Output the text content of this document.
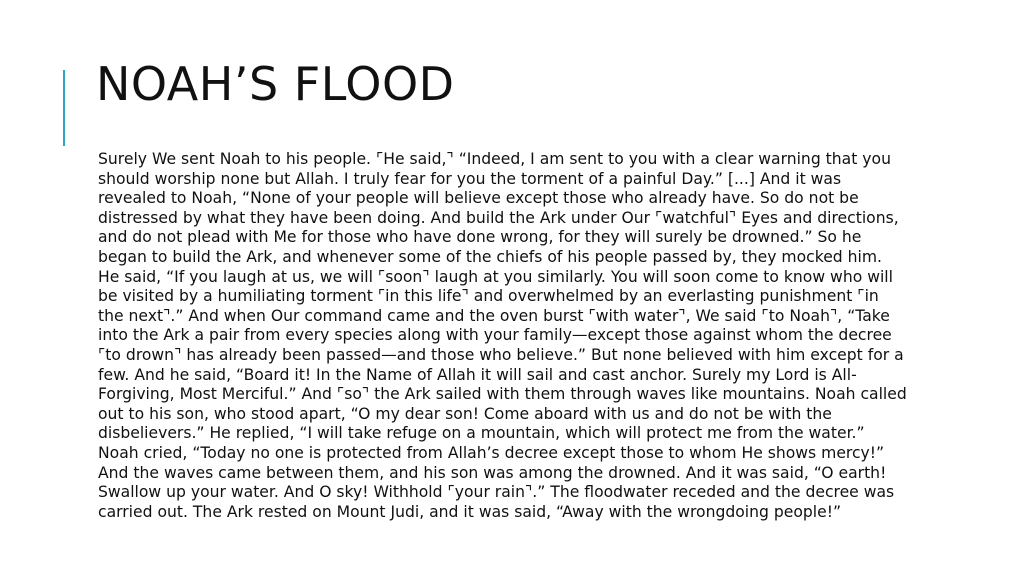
NOAH’S FLOOD

Surely We sent Noah to his people. ⌜He said,⌝ “Indeed, I am sent to you with a clear warning that you should worship none but Allah. I truly fear for you the torment of a painful Day.” [...] And it was revealed to Noah, “None of your people will believe except those who already have. So do not be distressed by what they have been doing. And build the Ark under Our ⌜watchful⌝ Eyes and directions, and do not plead with Me for those who have done wrong, for they will surely be drowned.” So he began to build the Ark, and whenever some of the chiefs of his people passed by, they mocked him. He said, “If you laugh at us, we will ⌜soon⌝ laugh at you similarly. You will soon come to know who will be visited by a humiliating torment ⌜in this life⌝ and overwhelmed by an everlasting punishment ⌜in the next⌝.” And when Our command came and the oven burst ⌜with water⌝, We said ⌜to Noah⌝, “Take into the Ark a pair from every species along with your family—except those against whom the decree ⌜to drown⌝ has already been passed—and those who believe.” But none believed with him except for a few. And he said, “Board it! In the Name of Allah it will sail and cast anchor. Surely my Lord is All-Forgiving, Most Merciful.” And ⌜so⌝ the Ark sailed with them through waves like mountains. Noah called out to his son, who stood apart, “O my dear son! Come aboard with us and do not be with the disbelievers.” He replied, “I will take refuge on a mountain, which will protect me from the water.” Noah cried, “Today no one is protected from Allah’s decree except those to whom He shows mercy!” And the waves came between them, and his son was among the drowned. And it was said, “O earth! Swallow up your water. And O sky! Withhold ⌜your rain⌝.” The floodwater receded and the decree was carried out. The Ark rested on Mount Judi, and it was said, “Away with the wrongdoing people!”
